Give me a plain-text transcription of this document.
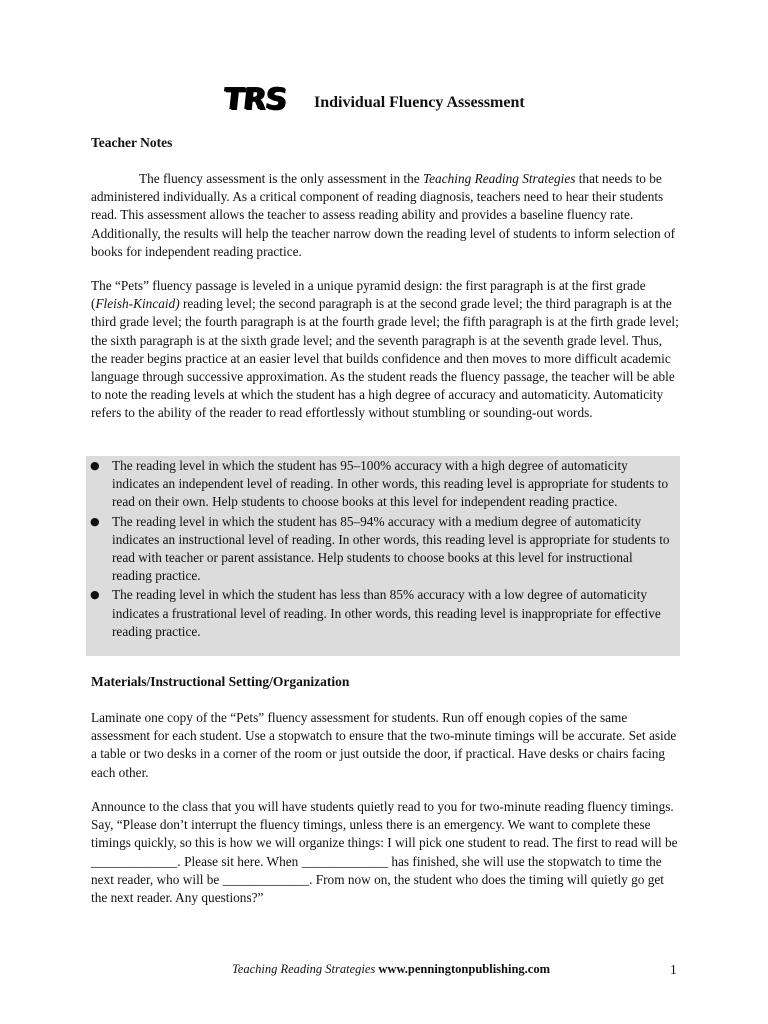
TRS Individual Fluency Assessment
Teacher Notes

The fluency assessment is the only assessment in the Teaching Reading Strategies that needs to be administered individually. As a critical component of reading diagnosis, teachers need to hear their students read. This assessment allows the teacher to assess reading ability and provides a baseline fluency rate. Additionally, the results will help the teacher narrow down the reading level of students to inform selection of books for independent reading practice.

The “Pets” fluency passage is leveled in a unique pyramid design: the first paragraph is at the first grade (Fleish-Kincaid) reading level; the second paragraph is at the second grade level; the third paragraph is at the third grade level; the fourth paragraph is at the fourth grade level; the fifth paragraph is at the firth grade level; the sixth paragraph is at the sixth grade level; and the seventh paragraph is at the seventh grade level. Thus, the reader begins practice at an easier level that builds confidence and then moves to more difficult academic language through successive approximation. As the student reads the fluency passage, the teacher will be able to note the reading levels at which the student has a high degree of accuracy and automaticity. Automaticity refers to the ability of the reader to read effortlessly without stumbling or sounding-out words.

● The reading level in which the student has 95–100% accuracy with a high degree of automaticity indicates an independent level of reading. In other words, this reading level is appropriate for students to read on their own. Help students to choose books at this level for independent reading practice.
● The reading level in which the student has 85–94% accuracy with a medium degree of automaticity indicates an instructional level of reading. In other words, this reading level is appropriate for students to read with teacher or parent assistance. Help students to choose books at this level for instructional reading practice.
● The reading level in which the student has less than 85% accuracy with a low degree of automaticity indicates a frustrational level of reading. In other words, this reading level is inappropriate for effective reading practice.
Materials/Instructional Setting/Organization

Laminate one copy of the “Pets” fluency assessment for students. Run off enough copies of the same assessment for each student. Use a stopwatch to ensure that the two-minute timings will be accurate. Set aside a table or two desks in a corner of the room or just outside the door, if practical. Have desks or chairs facing each other.

Announce to the class that you will have students quietly read to you for two-minute reading fluency timings. Say, “Please don’t interrupt the fluency timings, unless there is an emergency. We want to complete these timings quickly, so this is how we will organize things: I will pick one student to read. The first to read will be _____________. Please sit here. When _____________ has finished, she will use the stopwatch to time the next reader, who will be _____________. From now on, the student who does the timing will quietly go get the next reader. Any questions?”

Teaching Reading Strategies www.penningtonpublishing.com	1
